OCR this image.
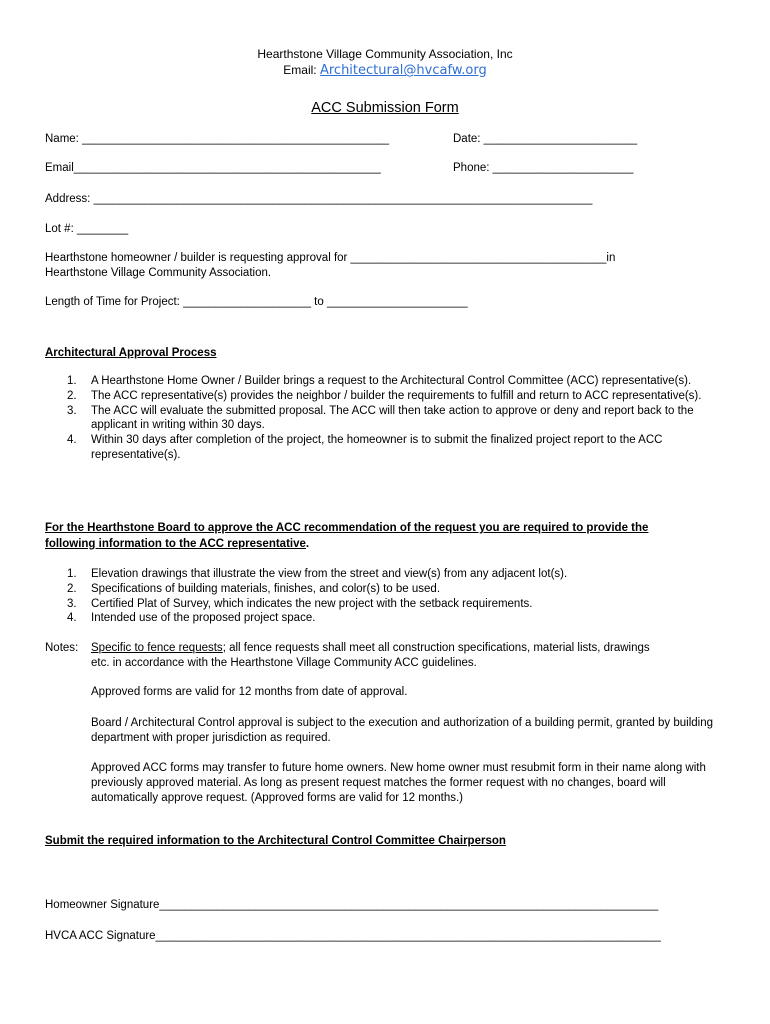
Hearthstone Village Community Association, Inc
Email: Architectural@hvcafw.org
ACC Submission Form
Name: ________________________________________________	Date: ________________________
Email________________________________________________	Phone: ______________________
Address: ______________________________________________________________________________
Lot #: ________
Hearthstone homeowner / builder is requesting approval for ________________________________________in
Hearthstone Village Community Association.
Length of Time for Project: ____________________ to ______________________
Architectural Approval Process
1. A Hearthstone Home Owner / Builder brings a request to the Architectural Control Committee (ACC) representative(s).
2. The ACC representative(s) provides the neighbor / builder the requirements to fulfill and return to ACC representative(s).
3. The ACC will evaluate the submitted proposal. The ACC will then take action to approve or deny and report back to the applicant in writing within 30 days.
4. Within 30 days after completion of the project, the homeowner is to submit the finalized project report to the ACC representative(s).
For the Hearthstone Board to approve the ACC recommendation of the request you are required to provide the
following information to the ACC representative.
1. Elevation drawings that illustrate the view from the street and view(s) from any adjacent lot(s).
2. Specifications of building materials, finishes, and color(s) to be used.
3. Certified Plat of Survey, which indicates the new project with the setback requirements.
4. Intended use of the proposed project space.
Notes: Specific to fence requests; all fence requests shall meet all construction specifications, material lists, drawings
etc. in accordance with the Hearthstone Village Community ACC guidelines.
Approved forms are valid for 12 months from date of approval.
Board / Architectural Control approval is subject to the execution and authorization of a building permit, granted by building department with proper jurisdiction as required.
Approved ACC forms may transfer to future home owners. New home owner must resubmit form in their name along with previously approved material. As long as present request matches the former request with no changes, board will automatically approve request. (Approved forms are valid for 12 months.)
Submit the required information to the Architectural Control Committee Chairperson
Homeowner Signature______________________________________________________________________________
HVCA ACC Signature_______________________________________________________________________________
